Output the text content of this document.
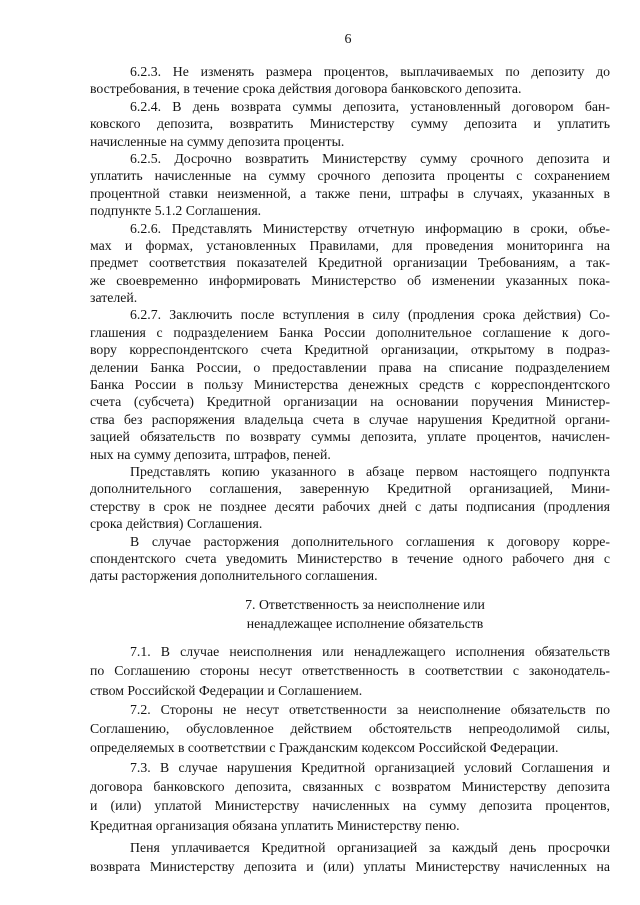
6
6.2.3. Не изменять размера процентов, выплачиваемых по депозиту до
востребования, в течение срока действия договора банковского депозита.
6.2.4. В день возврата суммы депозита, установленный договором бан-
ковского депозита, возвратить Министерству сумму депозита и уплатить
начисленные на сумму депозита проценты.
6.2.5. Досрочно возвратить Министерству сумму срочного депозита и
уплатить начисленные на сумму срочного депозита проценты с сохранением
процентной ставки неизменной, а также пени, штрафы в случаях, указанных в
подпункте 5.1.2 Соглашения.
6.2.6. Представлять Министерству отчетную информацию в сроки, объе-
мах и формах, установленных Правилами, для проведения мониторинга на
предмет соответствия показателей Кредитной организации Требованиям, а так-
же своевременно информировать Министерство об изменении указанных пока-
зателей.
6.2.7. Заключить после вступления в силу (продления срока действия) Со-
глашения с подразделением Банка России дополнительное соглашение к дого-
вору корреспондентского счета Кредитной организации, открытому в подраз-
делении Банка России, о предоставлении права на списание подразделением
Банка России в пользу Министерства денежных средств с корреспондентского
счета (субсчета) Кредитной организации на основании поручения Министер-
ства без распоряжения владельца счета в случае нарушения Кредитной органи-
зацией обязательств по возврату суммы депозита, уплате процентов, начислен-
ных на сумму депозита, штрафов, пеней.
Представлять копию указанного в абзаце первом настоящего подпункта
дополнительного соглашения, заверенную Кредитной организацией, Мини-
стерству в срок не позднее десяти рабочих дней с даты подписания (продления
срока действия) Соглашения.
В случае расторжения дополнительного соглашения к договору корре-
спондентского счета уведомить Министерство в течение одного рабочего дня с
даты расторжения дополнительного соглашения.
7. Ответственность за неисполнение или
ненадлежащее исполнение обязательств
7.1. В случае неисполнения или ненадлежащего исполнения обязательств
по Соглашению стороны несут ответственность в соответствии с законодатель-
ством Российской Федерации и Соглашением.
7.2. Стороны не несут ответственности за неисполнение обязательств по
Соглашению, обусловленное действием обстоятельств непреодолимой силы,
определяемых в соответствии с Гражданским кодексом Российской Федерации.
7.3. В случае нарушения Кредитной организацией условий Соглашения и
договора банковского депозита, связанных с возвратом Министерству депозита
и (или) уплатой Министерству начисленных на сумму депозита процентов,
Кредитная организация обязана уплатить Министерству пеню.
Пеня уплачивается Кредитной организацией за каждый день просрочки
возврата Министерству депозита и (или) уплаты Министерству начисленных на
